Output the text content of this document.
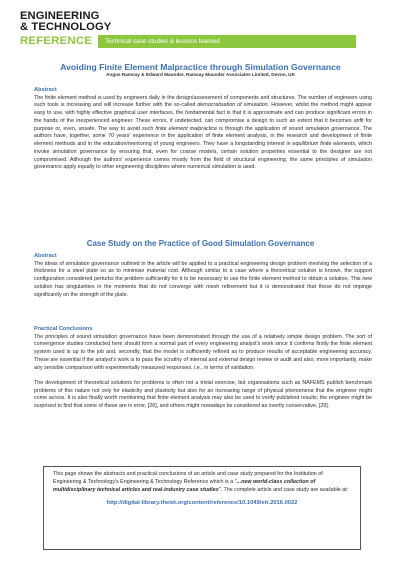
ENGINEERING
& TECHNOLOGY
REFERENCE Technical case studies & lessons learned
Avoiding Finite Element Malpractice through Simulation Governance
Angus Ramsay & Edward Maunder, Ramsay Maunder Associates Limited, Devon, UK
Abstract

The finite element method is used by engineers daily in the design/assessment of components and structures. The number of engineers using such tools is increasing and will increase further with the so-called democratisation of simulation. However, whilst the method might appear easy to use, with highly effective graphical user interfaces, the fundamental fact is that it is approximate and can produce significant errors in the hands of the inexperienced engineer. These errors, if undetected, can compromise a design to such an extent that it becomes unfit for purpose or, even, unsafe. The way to avoid such finite element malpractice is through the application of sound simulation governance. The authors have, together, some 70 years' experience in the application of finite element analysis, in the research and development of finite element methods and in the education/mentoring of young engineers. They have a longstanding interest in equilibrium finite elements, which invoke simulation governance by ensuring that, even for coarse models, certain solution properties essential to the designer are not compromised. Although the authors' experience comes mostly from the field of structural engineering, the same principles of simulation governance apply equally to other engineering disciplines where numerical simulation is used.

Case Study on the Practice of Good Simulation Governance
Abstract

The ideas of simulation governance outlined in the article will be applied to a practical engineering design problem involving the selection of a thickness for a steel plate so as to minimise material cost. Although similar to a case where a theoretical solution is known, the support configuration considered perturbs the problem sufficiently for it to be necessary to use the finite element method to obtain a solution. This new solution has singularities in the moments that do not converge with mesh refinement but it is demonstrated that these do not impinge significantly on the strength of the plate.

Practical Conclusions

The principles of sound simulation governance have been demonstrated through the use of a relatively simple design problem. The sort of convergence studies conducted here should form a normal part of every engineering analyst's work since it confirms firstly the finite element system used is up to the job and, secondly, that the model is sufficiently refined as to produce results of acceptable engineering accuracy. These are essential if the analyst's work is to pass the scrutiny of internal and external design review or audit and also, more importantly, make any sensible comparison with experimentally measured responses, i.e., in terms of validation.

The development of theoretical solutions for problems is often not a trivial exercise, but organisations such as NAFEMS publish benchmark problems of this nature not only for elasticity and plasticity but also for an increasing range of physical phenomena that the engineer might come across. It is also finally worth mentioning that finite element analysis may also be used to verify published results; the engineer might be surprised to find that some of these are in error, [26], and others might nowadays be considered as overtly conservative, [29].

This page shows the abstracts and practical conclusions of an article and case study prepared for the Institution of Engineering & Technology's Engineering & Technology Reference which is a "...new world-class collection of multidisciplinary technical articles and real-industry case studies". The complete article and case study are available at:

http://digital-library.theiet.org/content/reference/10.1049/etr.2016.0022
